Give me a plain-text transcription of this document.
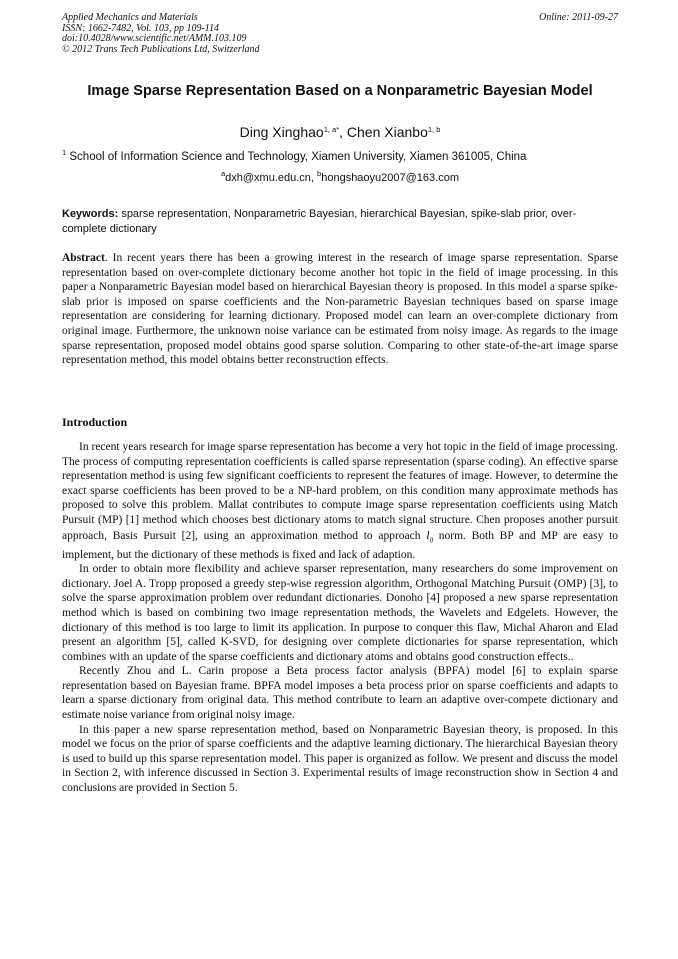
Applied Mechanics and Materials
ISSN: 1662-7482, Vol. 103, pp 109-114
doi:10.4028/www.scientific.net/AMM.103.109
© 2012 Trans Tech Publications Ltd, Switzerland
Online: 2011-09-27
Image Sparse Representation Based on a Nonparametric Bayesian Model
Ding Xinghao$^{1, a*}$, Chen Xianbo$^{1, b}$
$^1$ School of Information Science and Technology, Xiamen University, Xiamen 361005, China
$^a$dxh@xmu.edu.cn, $^b$hongshaoyu2007@163.com
Keywords: sparse representation, Nonparametric Bayesian, hierarchical Bayesian, spike-slab prior, over-complete dictionary
Abstract. In recent years there has been a growing interest in the research of image sparse representation. Sparse representation based on over-complete dictionary become another hot topic in the field of image processing. In this paper a Nonparametric Bayesian model based on hierarchical Bayesian theory is proposed. In this model a sparse spike-slab prior is imposed on sparse coefficients and the Non-parametric Bayesian techniques based on sparse image representation are considering for learning dictionary. Proposed model can learn an over-complete dictionary from original image. Furthermore, the unknown noise variance can be estimated from noisy image. As regards to the image sparse representation, proposed model obtains good sparse solution. Comparing to other state-of-the-art image sparse representation method, this model obtains better reconstruction effects.
Introduction

In recent years research for image sparse representation has become a very hot topic in the field of image processing. The process of computing representation coefficients is called sparse representation (sparse coding). An effective sparse representation method is using few significant coefficients to represent the features of image. However, to determine the exact sparse coefficients has been proved to be a NP-hard problem, on this condition many approximate methods has proposed to solve this problem. Mallat contributes to compute image sparse representation coefficients using Match Pursuit (MP) [1] method which chooses best dictionary atoms to match signal structure. Chen proposes another pursuit approach, Basis Pursuit [2], using an approximation method to approach $l_0$ norm. Both BP and MP are easy to implement, but the dictionary of these methods is fixed and lack of adaption.

In order to obtain more flexibility and achieve sparser representation, many researchers do some improvement on dictionary. Joel A. Tropp proposed a greedy step-wise regression algorithm, Orthogonal Matching Pursuit (OMP) [3], to solve the sparse approximation problem over redundant dictionaries. Donoho [4] proposed a new sparse representation method which is based on combining two image representation methods, the Wavelets and Edgelets. However, the dictionary of this method is too large to limit its application. In purpose to conquer this flaw, Michal Aharon and Elad present an algorithm [5], called K-SVD, for designing over complete dictionaries for sparse representation, which combines with an update of the sparse coefficients and dictionary atoms and obtains good construction effects..

Recently Zhou and L. Carin propose a Beta process factor analysis (BPFA) model [6] to explain sparse representation based on Bayesian frame. BPFA model imposes a beta process prior on sparse coefficients and adapts to learn a sparse dictionary from original data. This method contribute to learn an adaptive over-compete dictionary and estimate noise variance from original noisy image.

In this paper a new sparse representation method, based on Nonparametric Bayesian theory, is proposed. In this model we focus on the prior of sparse coefficients and the adaptive learning dictionary. The hierarchical Bayesian theory is used to build up this sparse representation model. This paper is organized as follow. We present and discuss the model in Section 2, with inference discussed in Section 3. Experimental results of image reconstruction show in Section 4 and conclusions are provided in Section 5.
